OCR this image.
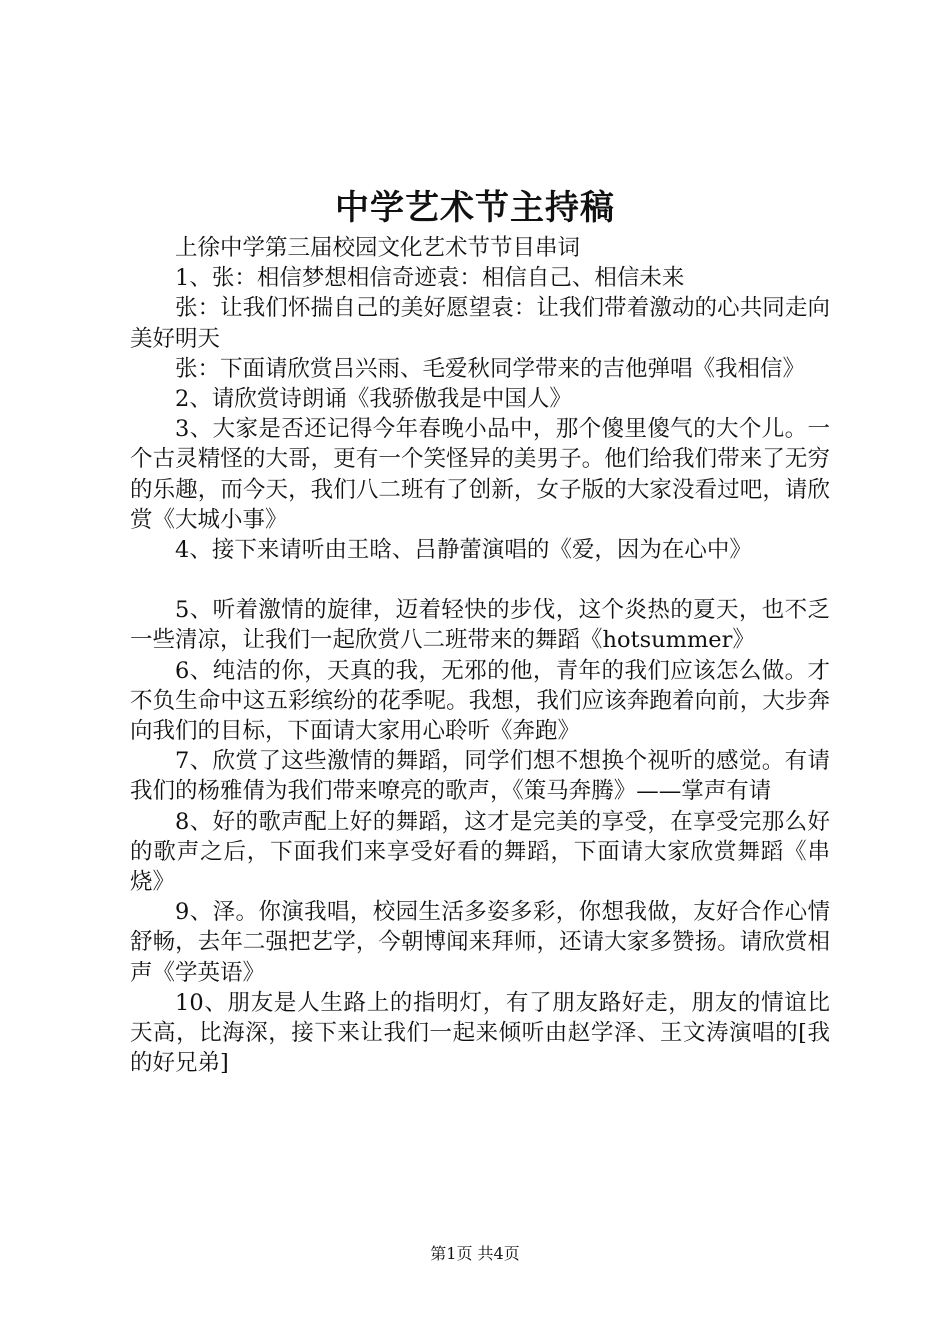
中学艺术节主持稿

上徐中学第三届校园文化艺术节节目串词

1、张：相信梦想相信奇迹袁：相信自己、相信未来

张：让我们怀揣自己的美好愿望袁：让我们带着激动的心共同走向美好明天

张：下面请欣赏吕兴雨、毛爱秋同学带来的吉他弹唱《我相信》

2、请欣赏诗朗诵《我骄傲我是中国人》

3、大家是否还记得今年春晚小品中，那个傻里傻气的大个儿。一个古灵精怪的大哥，更有一个笑怪异的美男子。他们给我们带来了无穷的乐趣，而今天，我们八二班有了创新，女子版的大家没看过吧，请欣赏《大城小事》

4、接下来请听由王晗、吕静蕾演唱的《爱，因为在心中》

5、听着激情的旋律，迈着轻快的步伐，这个炎热的夏天，也不乏一些清凉，让我们一起欣赏八二班带来的舞蹈《hotsummer》

6、纯洁的你，天真的我，无邪的他，青年的我们应该怎么做。才不负生命中这五彩缤纷的花季呢。我想，我们应该奔跑着向前，大步奔向我们的目标，下面请大家用心聆听《奔跑》

7、欣赏了这些激情的舞蹈，同学们想不想换个视听的感觉。有请我们的杨雅倩为我们带来嘹亮的歌声，《策马奔腾》——掌声有请

8、好的歌声配上好的舞蹈，这才是完美的享受，在享受完那么好的歌声之后，下面我们来享受好看的舞蹈，下面请大家欣赏舞蹈《串烧》

9、泽。你演我唱，校园生活多姿多彩，你想我做，友好合作心情舒畅，去年二强把艺学，今朝博闻来拜师，还请大家多赞扬。请欣赏相声《学英语》

10、朋友是人生路上的指明灯，有了朋友路好走，朋友的情谊比天高，比海深，接下来让我们一起来倾听由赵学泽、王文涛演唱的[我的好兄弟]

第1页 共4页
